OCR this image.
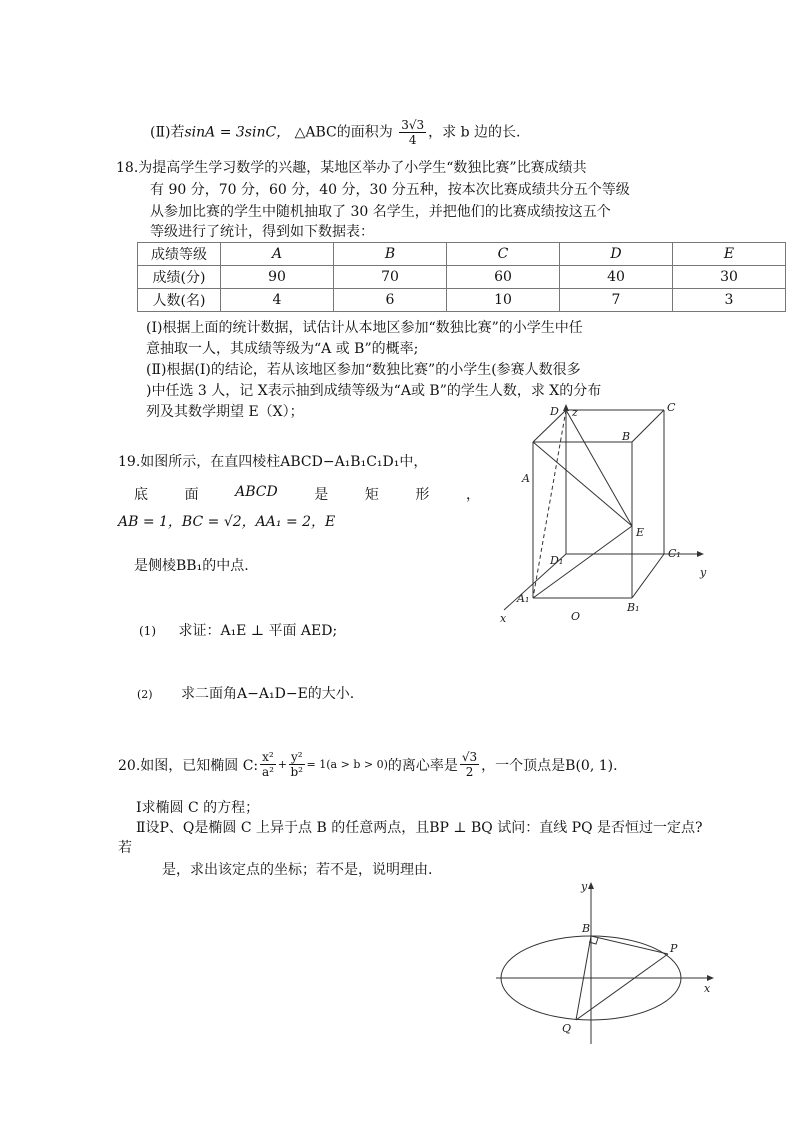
(Ⅱ)若sinA = 3sinC， △ABC的面积为 $\frac{3√3}{4}$ ，求 b 边的长.
18.为提高学生学习数学的兴趣，某地区举办了小学生“数独比赛”比赛成绩共
有 90 分，70 分，60 分，40 分，30 分五种，按本次比赛成绩共分五个等级
从参加比赛的学生中随机抽取了 30 名学生，并把他们的比赛成绩按这五个
等级进行了统计，得到如下数据表：
成绩等级	A	B	C	D	E
成绩(分)	90	70	60	40	30
人数(名)	4	6	10	7	3
(Ⅰ)根据上面的统计数据，试估计从本地区参加“数独比赛”的小学生中任
意抽取一人，其成绩等级为“A 或 B”的概率;
(Ⅱ)根据(Ⅰ)的结论，若从该地区参加“数独比赛”的小学生(参赛人数很多
)中任选 3 人，记 X表示抽到成绩等级为“A或 B”的学生人数，求 X的分布
列及其数学期望 E（X）；
19.如图所示，在直四棱柱ABCD−A₁B₁C₁D₁中，
底	面	ABCD	是	矩	形	，
AB = 1，BC = √2，AA₁ = 2，E
是侧棱BB₁的中点.
(1) 求证：A₁E ⊥ 平面 AED;
(2) 求二面角A−A₁D−E的大小.
z
D	C
B
A
E
D₁
C₁
y
A₁
B₁
O
x
20.如图，已知椭圆 C: $\frac{\text{x²}}{\text{a²}} + \frac{\text{y²}}{\text{b²}} = 1(a > b > 0)$ 的离心率是 $\frac{√3}{2}$ ，一个顶点是B(0, 1).
Ⅰ求椭圆 C 的方程；
Ⅱ设P、Q是椭圆 C 上异于点 B 的任意两点，且BP ⊥ BQ 试问：直线 PQ 是否恒过一定点?
若
是，求出该定点的坐标；若不是，说明理由.
y
B
P
x
Q
